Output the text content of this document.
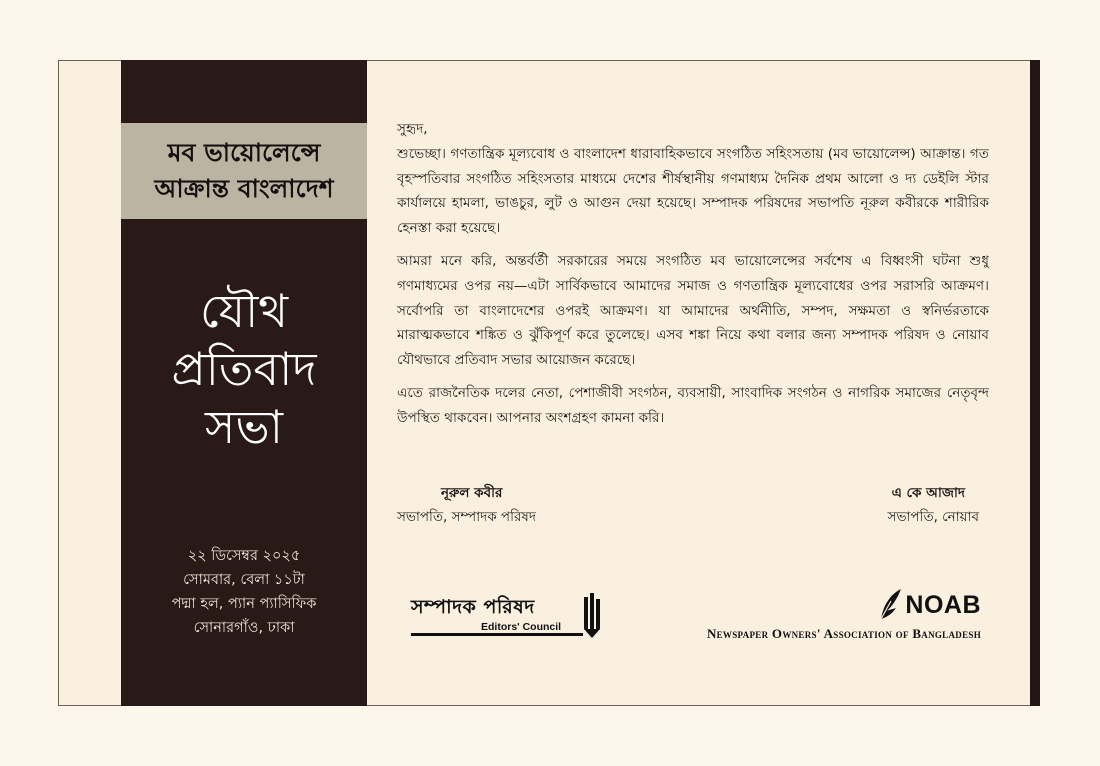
মব ভায়োলেন্সে
আক্রান্ত বাংলাদেশ
যৌথ
প্রতিবাদ
সভা
২২ ডিসেম্বর ২০২৫
সোমবার, বেলা ১১টা
পদ্মা হল, প্যান প্যাসিফিক
সোনারগাঁও, ঢাকা
সুহৃদ,

শুভেচ্ছা। গণতান্ত্রিক মূল্যবোধ ও বাংলাদেশ ধারাবাহিকভাবে সংগঠিত সহিংসতায় (মব ভায়োলেন্স) আক্রান্ত। গত বৃহস্পতিবার সংগঠিত সহিংসতার মাধ্যমে দেশের শীর্ষস্থানীয় গণমাধ্যম দৈনিক প্রথম আলো ও দ্য ডেইলি স্টার কার্যালয়ে হামলা, ভাঙচুর, লুট ও আগুন দেয়া হয়েছে। সম্পাদক পরিষদের সভাপতি নূরুল কবীরকে শারীরিক হেনস্তা করা হয়েছে।

আমরা মনে করি, অন্তর্বর্তী সরকারের সময়ে সংগঠিত মব ভায়োলেন্সের সর্বশেষ এ বিধ্বংসী ঘটনা শুধু গণমাধ্যমের ওপর নয়—এটা সার্বিকভাবে আমাদের সমাজ ও গণতান্ত্রিক মূল্যবোধের ওপর সরাসরি আক্রমণ। সর্বোপরি তা বাংলাদেশের ওপরই আক্রমণ। যা আমাদের অর্থনীতি, সম্পদ, সক্ষমতা ও স্বনির্ভরতাকে মারাত্মকভাবে শঙ্কিত ও ঝুঁকিপূর্ণ করে তুলেছে। এসব শঙ্কা নিয়ে কথা বলার জন্য সম্পাদক পরিষদ ও নোয়াব যৌথভাবে প্রতিবাদ সভার আয়োজন করেছে।

এতে রাজনৈতিক দলের নেতা, পেশাজীবী সংগঠন, ব্যবসায়ী, সাংবাদিক সংগঠন ও নাগরিক সমাজের নেতৃবৃন্দ উপস্থিত থাকবেন। আপনার অংশগ্রহণ কামনা করি।

নূরুল কবীর
সভাপতি, সম্পাদক পরিষদ
এ কে আজাদ
সভাপতি, নোয়াব
সম্পাদক পরিষদ
Editors' Council
NOAB
Newspaper Owners' Association of Bangladesh
